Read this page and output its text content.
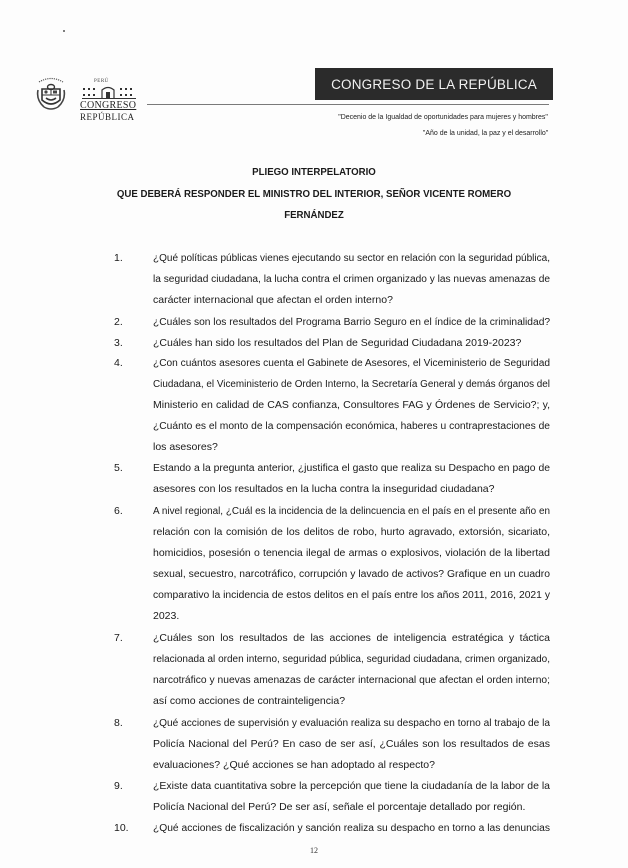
PERÚ
CONGRESO
REPÚBLICA
CONGRESO DE LA REPÚBLICA
"Decenio de la Igualdad de oportunidades para mujeres y hombres"
"Año de la unidad, la paz y el desarrollo"
PLIEGO INTERPELATORIO
QUE DEBERÁ RESPONDER EL MINISTRO DEL INTERIOR, SEÑOR VICENTE ROMERO
FERNÁNDEZ
1.	¿Qué políticas públicas vienes ejecutando su sector en relación con la seguridad pública,
la seguridad ciudadana, la lucha contra el crimen organizado y las nuevas amenazas de
carácter internacional que afectan el orden interno?
2.	¿Cuáles son los resultados del Programa Barrio Seguro en el índice de la criminalidad?
3.	¿Cuáles han sido los resultados del Plan de Seguridad Ciudadana 2019-2023?
4.	¿Con cuántos asesores cuenta el Gabinete de Asesores, el Viceministerio de Seguridad
Ciudadana, el Viceministerio de Orden Interno, la Secretaría General y demás órganos del
Ministerio en calidad de CAS confianza, Consultores FAG y Órdenes de Servicio?; y,
¿Cuánto es el monto de la compensación económica, haberes u contraprestaciones de
los asesores?
5.	Estando a la pregunta anterior, ¿justifica el gasto que realiza su Despacho en pago de
asesores con los resultados en la lucha contra la inseguridad ciudadana?
6.	A nivel regional, ¿Cuál es la incidencia de la delincuencia en el país en el presente año en
relación con la comisión de los delitos de robo, hurto agravado, extorsión, sicariato,
homicidios, posesión o tenencia ilegal de armas o explosivos, violación de la libertad
sexual, secuestro, narcotráfico, corrupción y lavado de activos? Grafique en un cuadro
comparativo la incidencia de estos delitos en el país entre los años 2011, 2016, 2021 y
2023.
7.	¿Cuáles son los resultados de las acciones de inteligencia estratégica y táctica
relacionada al orden interno, seguridad pública, seguridad ciudadana, crimen organizado,
narcotráfico y nuevas amenazas de carácter internacional que afectan el orden interno;
así como acciones de contrainteligencia?
8.	¿Qué acciones de supervisión y evaluación realiza su despacho en torno al trabajo de la
Policía Nacional del Perú? En caso de ser así, ¿Cuáles son los resultados de esas
evaluaciones? ¿Qué acciones se han adoptado al respecto?
9.	¿Existe data cuantitativa sobre la percepción que tiene la ciudadanía de la labor de la
Policía Nacional del Perú? De ser así, señale el porcentaje detallado por región.
10. ¿Qué acciones de fiscalización y sanción realiza su despacho en torno a las denuncias
12
